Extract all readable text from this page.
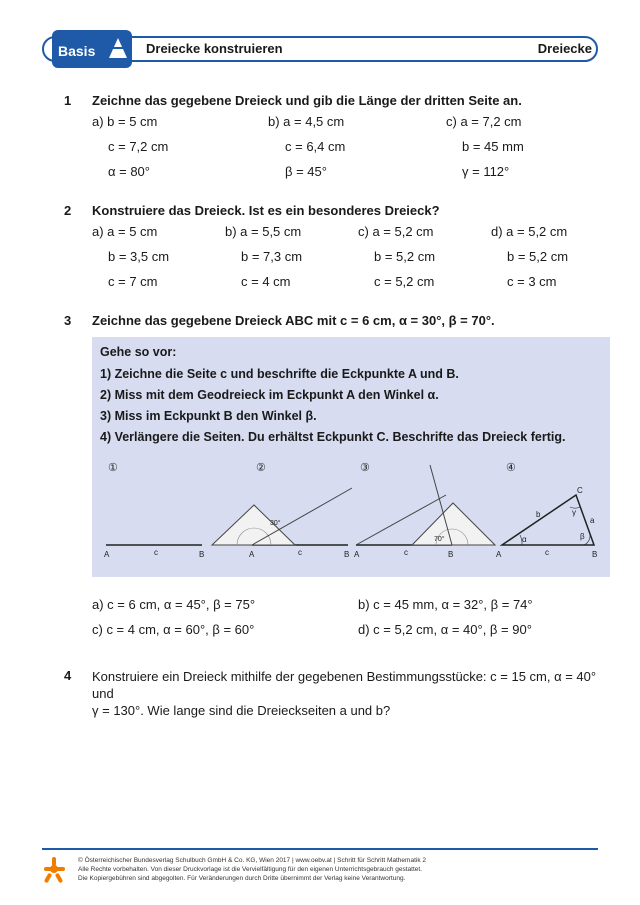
Basis	Dreiecke konstruieren	Dreiecke
1 Zeichne das gegebene Dreieck und gib die Länge der dritten Seite an.
a) b = 5 cm	b) a = 4,5 cm	c) a = 7,2 cm
c = 7,2 cm	c = 6,4 cm	b = 45 mm
α = 80°	β = 45°	γ = 112°
2 Konstruiere das Dreieck. Ist es ein besonderes Dreieck?
a) a = 5 cm	b) a = 5,5 cm	c) a = 5,2 cm	d) a = 5,2 cm
b = 3,5 cm	b = 7,3 cm	b = 5,2 cm	b = 5,2 cm
c = 7 cm	c = 4 cm	c = 5,2 cm	c = 3 cm
3 Zeichne das gegebene Dreieck ABC mit c = 6 cm, α = 30°, β = 70°.
Gehe so vor:
1) Zeichne die Seite c und beschrifte die Eckpunkte A und B.
2) Miss mit dem Geodreieck im Eckpunkt A den Winkel α.
3) Miss im Eckpunkt B den Winkel β.
4) Verlängere die Seiten. Du erhältst Eckpunkt C. Beschrifte das Dreieck fertig.
①
A	c	B
②
30°
A	c	B
③
70°
A	c	B
④
A	B
C
c
b
a
α	β
γ
a) c = 6 cm, α = 45°, β = 75°	b) c = 45 mm, α = 32°, β = 74°
c) c = 4 cm, α = 60°, β = 60°	d) c = 5,2 cm, α = 40°, β = 90°
4 Konstruiere ein Dreieck mithilfe der gegebenen Bestimmungsstücke: c = 15 cm, α = 40° und
γ = 130°. Wie lange sind die Dreieckseiten a und b?
© Österreichischer Bundesverlag Schulbuch GmbH & Co. KG, Wien 2017 | www.oebv.at | Schritt für Schritt Mathematik 2
Alle Rechte vorbehalten. Von dieser Druckvorlage ist die Vervielfältigung für den eigenen Unterrichtsgebrauch gestattet.
Die Kopiergebühren sind abgegolten. Für Veränderungen durch Dritte übernimmt der Verlag keine Verantwortung.
